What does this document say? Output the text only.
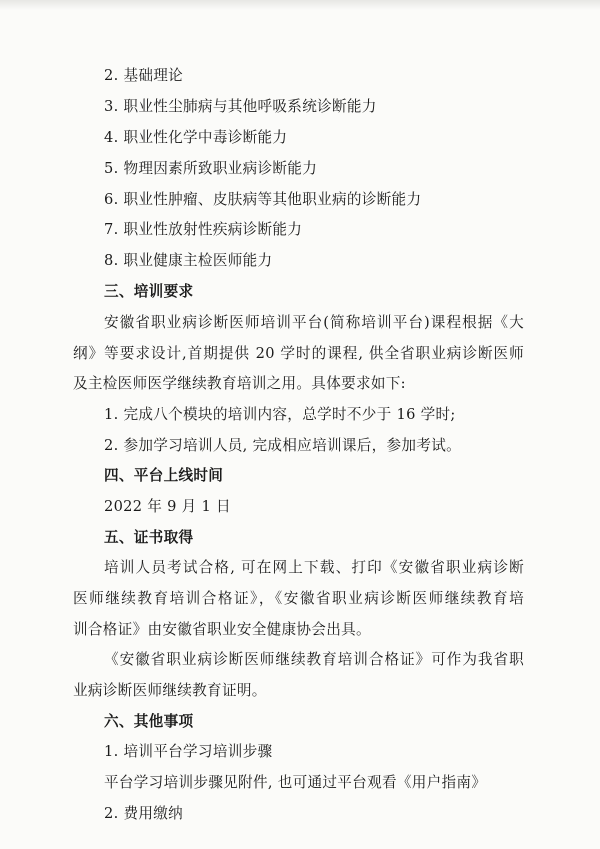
2. 基础理论
3. 职业性尘肺病与其他呼吸系统诊断能力
4. 职业性化学中毒诊断能力
5. 物理因素所致职业病诊断能力
6. 职业性肿瘤、皮肤病等其他职业病的诊断能力
7. 职业性放射性疾病诊断能力
8. 职业健康主检医师能力
三、培训要求
安徽省职业病诊断医师培训平台(简称培训平台)课程根据《大
纲》等要求设计,首期提供 20 学时的课程, 供全省职业病诊断医师
及主检医师医学继续教育培训之用。具体要求如下:
1. 完成八个模块的培训内容，总学时不少于 16 学时;
2. 参加学习培训人员, 完成相应培训课后，参加考试。
四、平台上线时间
2022 年 9 月 1 日
五、证书取得
培训人员考试合格, 可在网上下载、打印《安徽省职业病诊断
医师继续教育培训合格证》，《安徽省职业病诊断医师继续教育培
训合格证》由安徽省职业安全健康协会出具。
《安徽省职业病诊断医师继续教育培训合格证》可作为我省职
业病诊断医师继续教育证明。
六、其他事项
1. 培训平台学习培训步骤
平台学习培训步骤见附件, 也可通过平台观看《用户指南》
2. 费用缴纳
